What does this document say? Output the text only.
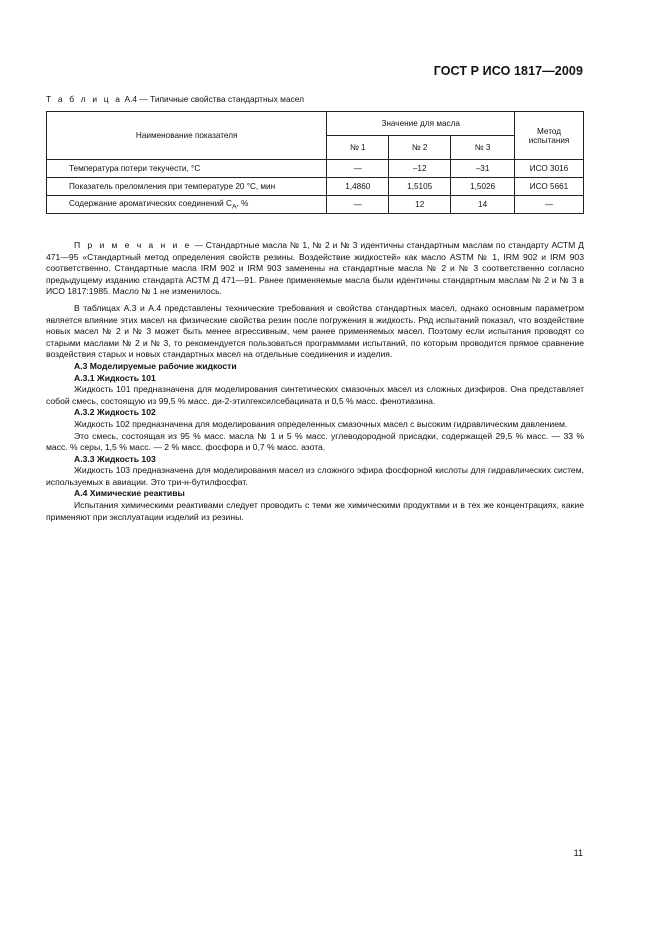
ГОСТ Р ИСО 1817—2009
Т а б л и ц а А.4 — Типичные свойства стандартных масел
Наименование показателя	Значение для масла			Метод испытания
	№ 1	№ 2	№ 3	
Температура потери текучести, °С	—	–12	–31	ИСО 3016
Показатель преломления при температуре 20 °С, мин	1,4860	1,5105	1,5026	ИСО 5661
Содержание ароматических соединений $C_A$, %	—	12	14	—

П р и м е ч а н и е — Стандартные масла № 1, № 2 и № 3 идентичны стандартным маслам по стандарту АСТМ Д 471—95 «Стандартный метод определения свойств резины. Воздействие жидкостей» как масло ASTM № 1, IRM 902 и IRM 903 соответственно. Стандартные масла IRM 902 и IRM 903 заменены на стандартные масла № 2 и № 3 соответственно согласно предыдущему изданию стандарта АСТМ Д 471—91. Ранее применяемые масла были идентичны стандартным маслам № 2 и № 3 в ИСО 1817:1985. Масло № 1 не изменилось.

В таблицах А.3 и А.4 представлены технические требования и свойства стандартных масел, однако основным параметром является влияние этих масел на физические свойства резин после погружения в жидкость. Ряд испытаний показал, что воздействие новых масел № 2 и № 3 может быть менее агрессивным, чем ранее применяемых масел. Поэтому если испытания проводят со старыми маслами № 2 и № 3, то рекомендуется пользоваться программами испытаний, по которым проводится прямое сравнение воздействия старых и новых стандартных масел на отдельные соединения и изделия.

А.3 Моделируемые рабочие жидкости
А.3.1 Жидкость 101

Жидкость 101 предназначена для моделирования синтетических смазочных масел из сложных диэфиров. Она представляет собой смесь, состоящую из 99,5 % масс. ди-2-этилгексилсебацината и 0,5 % масс. фенотиазина.

А.3.2 Жидкость 102

Жидкость 102 предназначена для моделирования определенных смазочных масел с высоким гидравлическим давлением.

Это смесь, состоящая из 95 % масс. масла № 1 и 5 % масс. углеводородной присадки, содержащей 29,5 % масс. — 33 % масс. % серы, 1,5 % масс. — 2 % масс. фосфора и 0,7 % масс. азота.

А.3.3 Жидкость 103

Жидкость 103 предназначена для моделирования масел из сложного эфира фосфорной кислоты для гидравлических систем, используемых в авиации. Это три-н-бутилфосфат.

А.4 Химические реактивы

Испытания химическими реактивами следует проводить с теми же химическими продуктами и в тех же концентрациях, какие применяют при эксплуатации изделий из резины.

11
